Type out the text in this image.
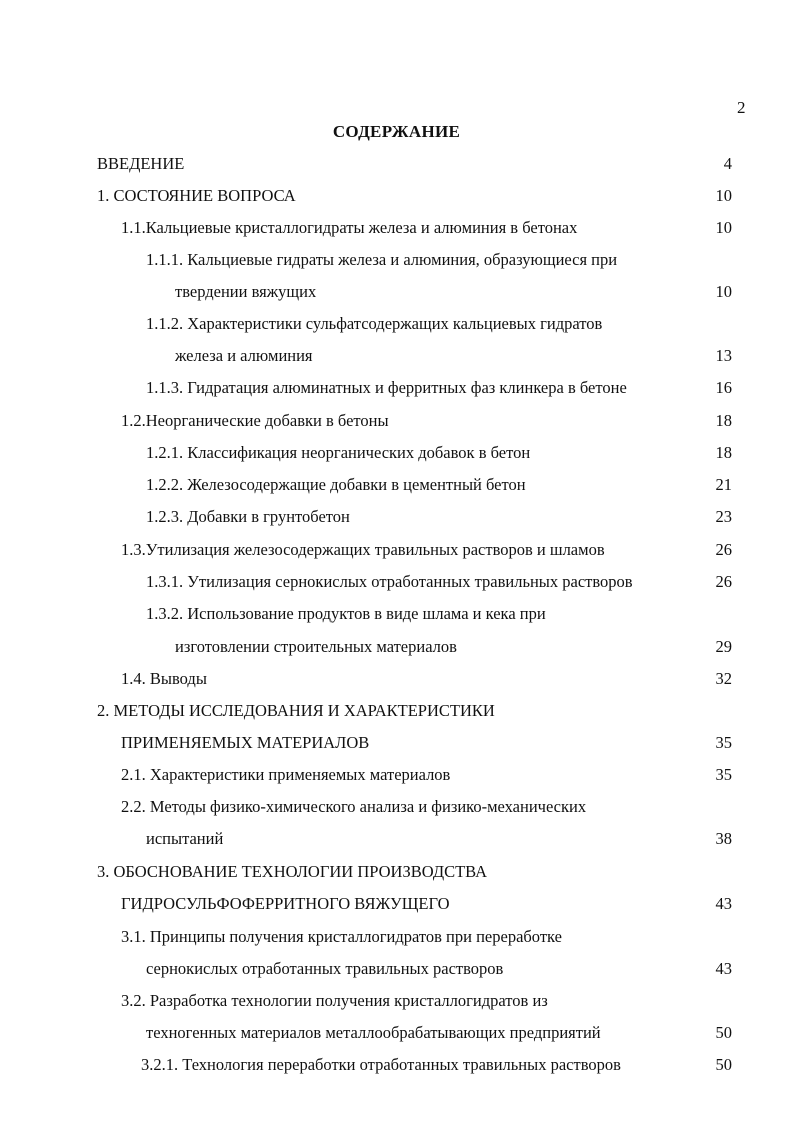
2
СОДЕРЖАНИЕ
ВВЕДЕНИЕ	4
1. СОСТОЯНИЕ ВОПРОСА	10
1.1.Кальциевые кристаллогидраты железа и алюминия в бетонах	10
1.1.1. Кальциевые гидраты железа и алюминия, образующиеся при
твердении вяжущих	10
1.1.2. Характеристики сульфатсодержащих кальциевых гидратов
железа и алюминия	13
1.1.3. Гидратация алюминатных и ферритных фаз клинкера в бетоне	16
1.2.Неорганические добавки в бетоны	18
1.2.1. Классификация неорганических добавок в бетон	18
1.2.2. Железосодержащие добавки в цементный бетон	21
1.2.3. Добавки в грунтобетон	23
1.3.Утилизация железосодержащих травильных растворов и шламов	26
1.3.1. Утилизация сернокислых отработанных травильных растворов	26
1.3.2. Использование продуктов в виде шлама и кека при
изготовлении строительных материалов	29
1.4. Выводы	32
2. МЕТОДЫ ИССЛЕДОВАНИЯ И ХАРАКТЕРИСТИКИ
ПРИМЕНЯЕМЫХ МАТЕРИАЛОВ	35
2.1. Характеристики применяемых материалов	35
2.2. Методы физико-химического анализа и физико-механических
испытаний	38
3. ОБОСНОВАНИЕ ТЕХНОЛОГИИ ПРОИЗВОДСТВА
ГИДРОСУЛЬФОФЕРРИТНОГО ВЯЖУЩЕГО	43
3.1. Принципы получения кристаллогидратов при переработке
сернокислых отработанных травильных растворов	43
3.2. Разработка технологии получения кристаллогидратов из
техногенных материалов металлообрабатывающих предприятий	50
3.2.1. Технология переработки отработанных травильных растворов	50
